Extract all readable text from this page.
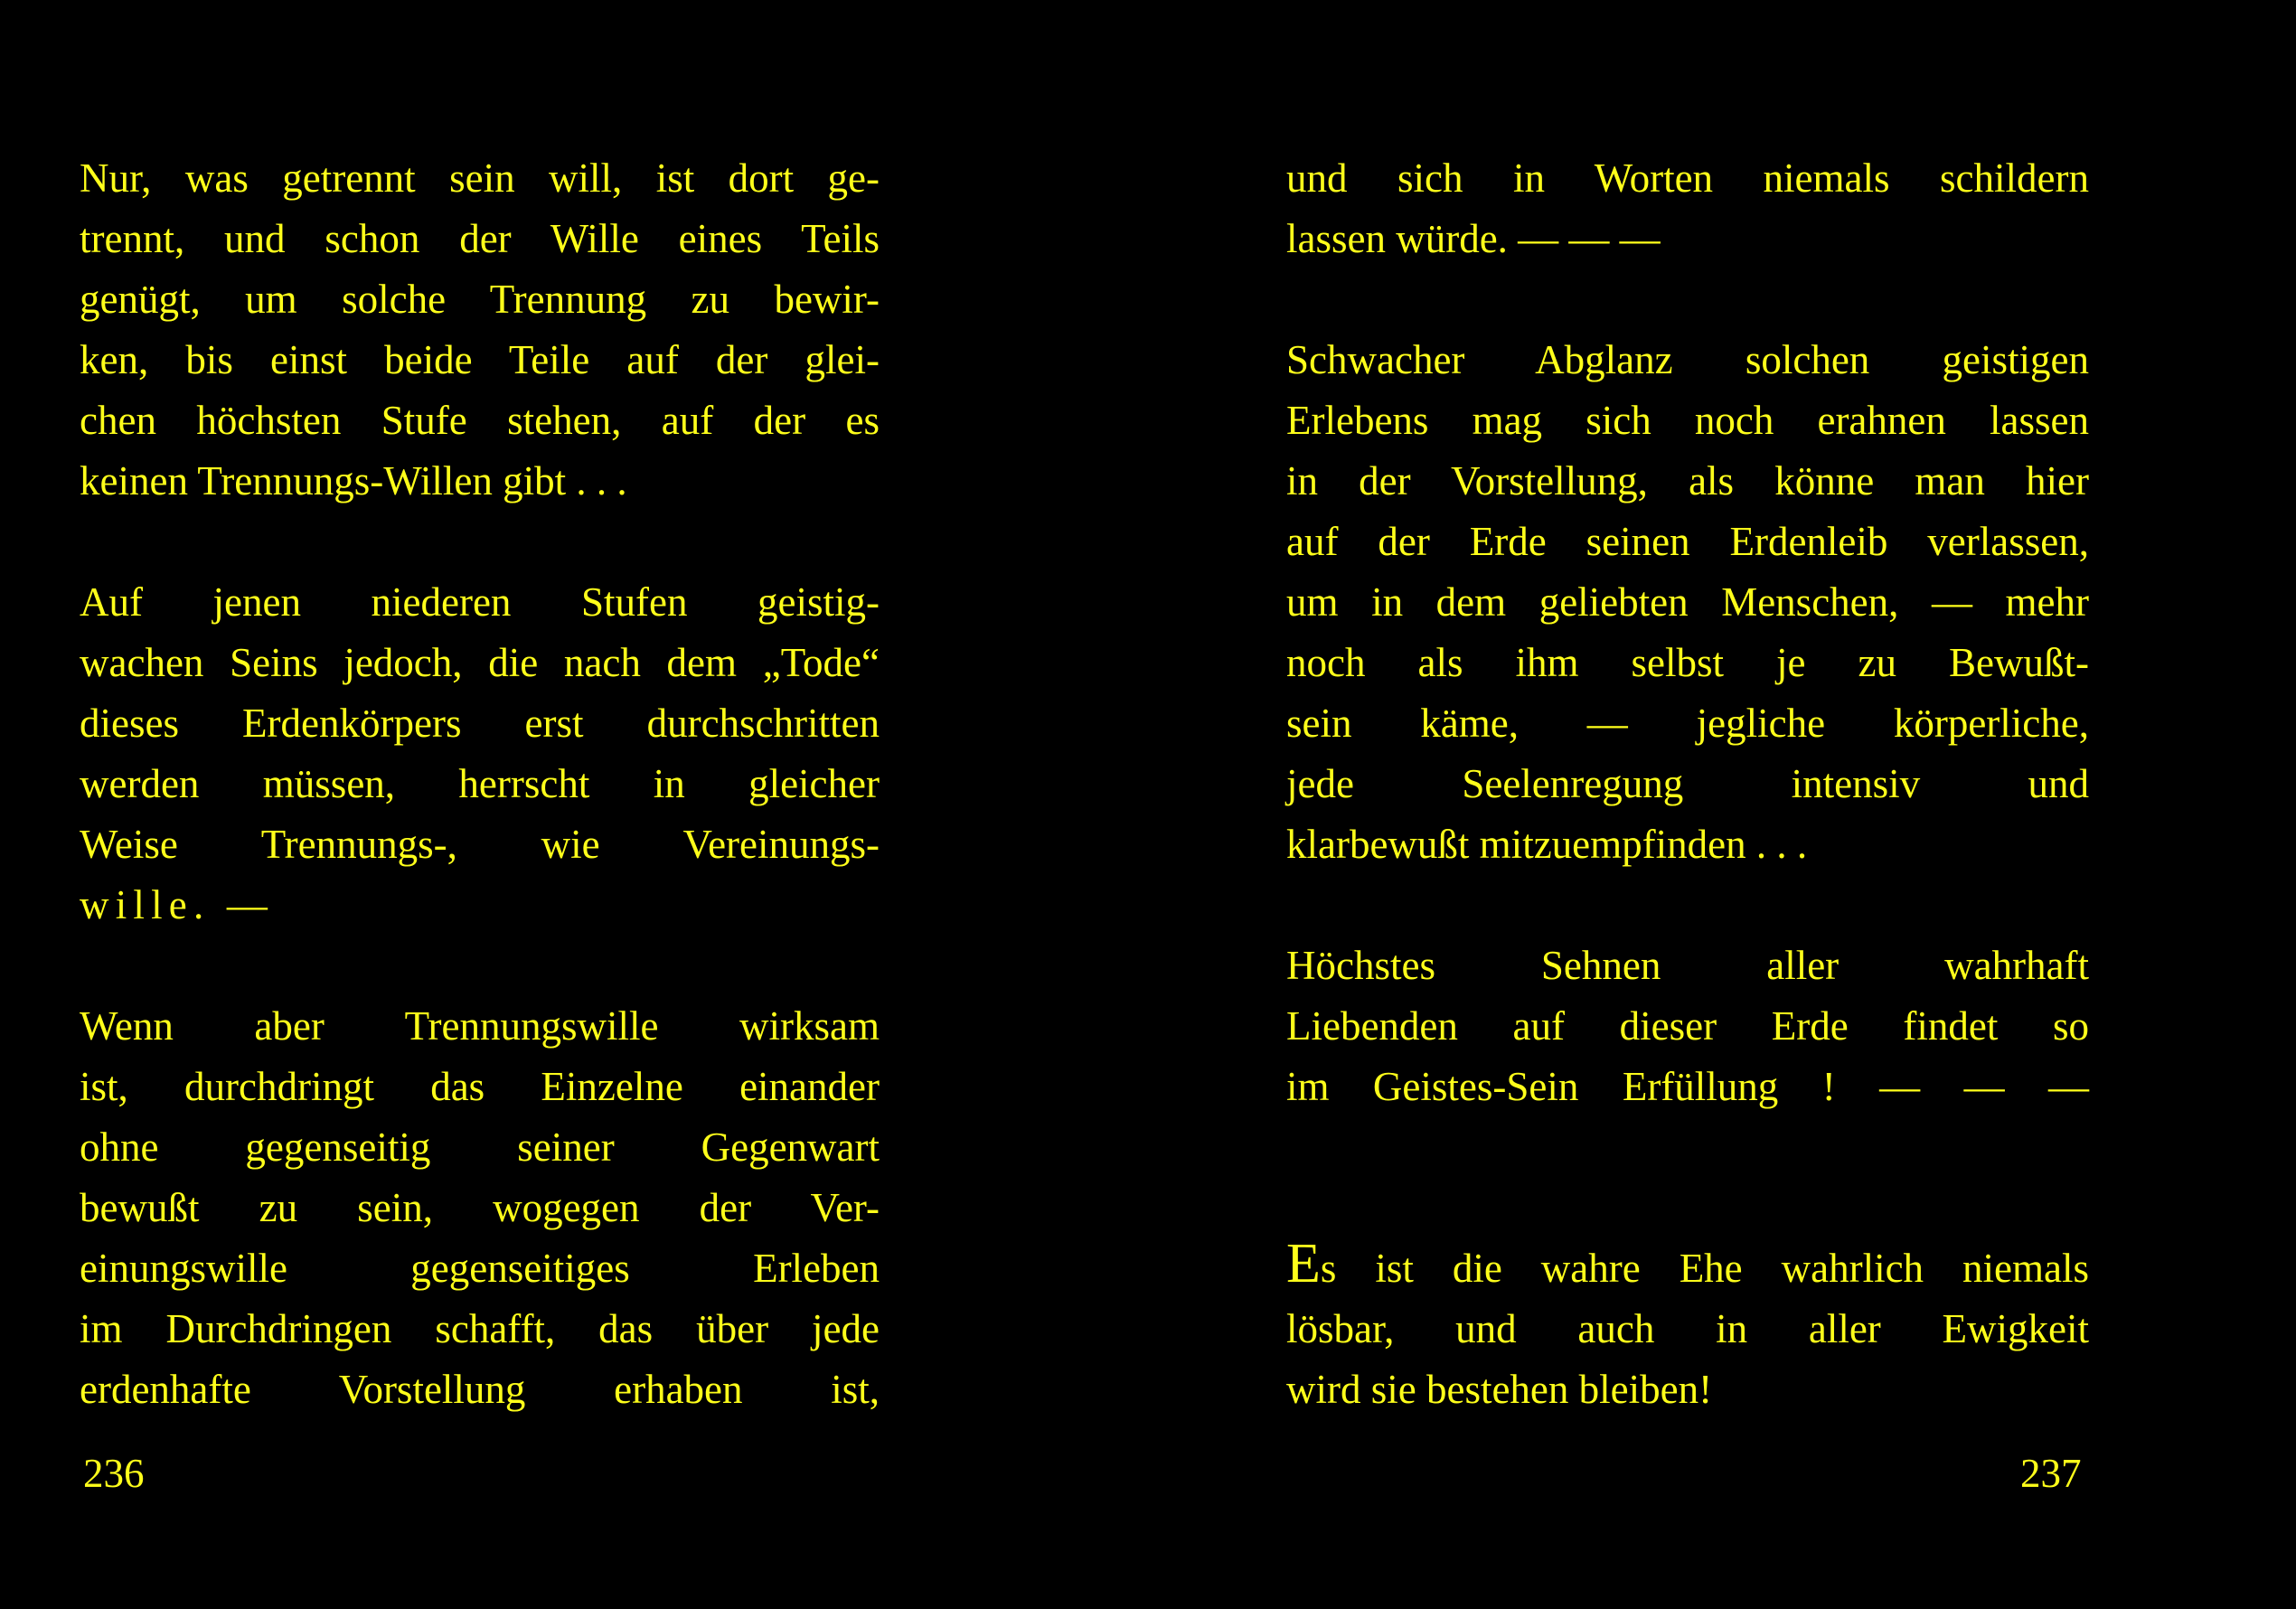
Nur, was getrennt sein will, ist dort ge-
trennt, und schon der Wille eines Teils
genügt, um solche Trennung zu bewir-
ken, bis einst beide Teile auf der glei-
chen höchsten Stufe stehen, auf der es
keinen Trennungs-Willen gibt . . .
Auf jenen niederen Stufen geistig-
wachen Seins jedoch, die nach dem „Tode“
dieses Erdenkörpers erst durchschritten
werden müssen, herrscht in gleicher
Weise Trennungs-, wie Vereinungs-
wille. —
Wenn aber Trennungswille wirksam
ist, durchdringt das Einzelne einander
ohne gegenseitig seiner Gegenwart
bewußt zu sein, wogegen der Ver-
einungswille gegenseitiges Erleben
im Durchdringen schafft, das über jede
erdenhafte Vorstellung erhaben ist,
236
und sich in Worten niemals schildern
lassen würde. — — —
Schwacher Abglanz solchen geistigen
Erlebens mag sich noch erahnen lassen
in der Vorstellung, als könne man hier
auf der Erde seinen Erdenleib verlassen,
um in dem geliebten Menschen, — mehr
noch als ihm selbst je zu Bewußt-
sein käme, — jegliche körperliche,
jede Seelenregung intensiv und
klarbewußt mitzuempfinden . . .
Höchstes Sehnen aller wahrhaft
Liebenden auf dieser Erde findet so
im Geistes-Sein Erfüllung ! — — —
Es ist die wahre Ehe wahrlich niemals
lösbar, und auch in aller Ewigkeit
wird sie bestehen bleiben!
237
